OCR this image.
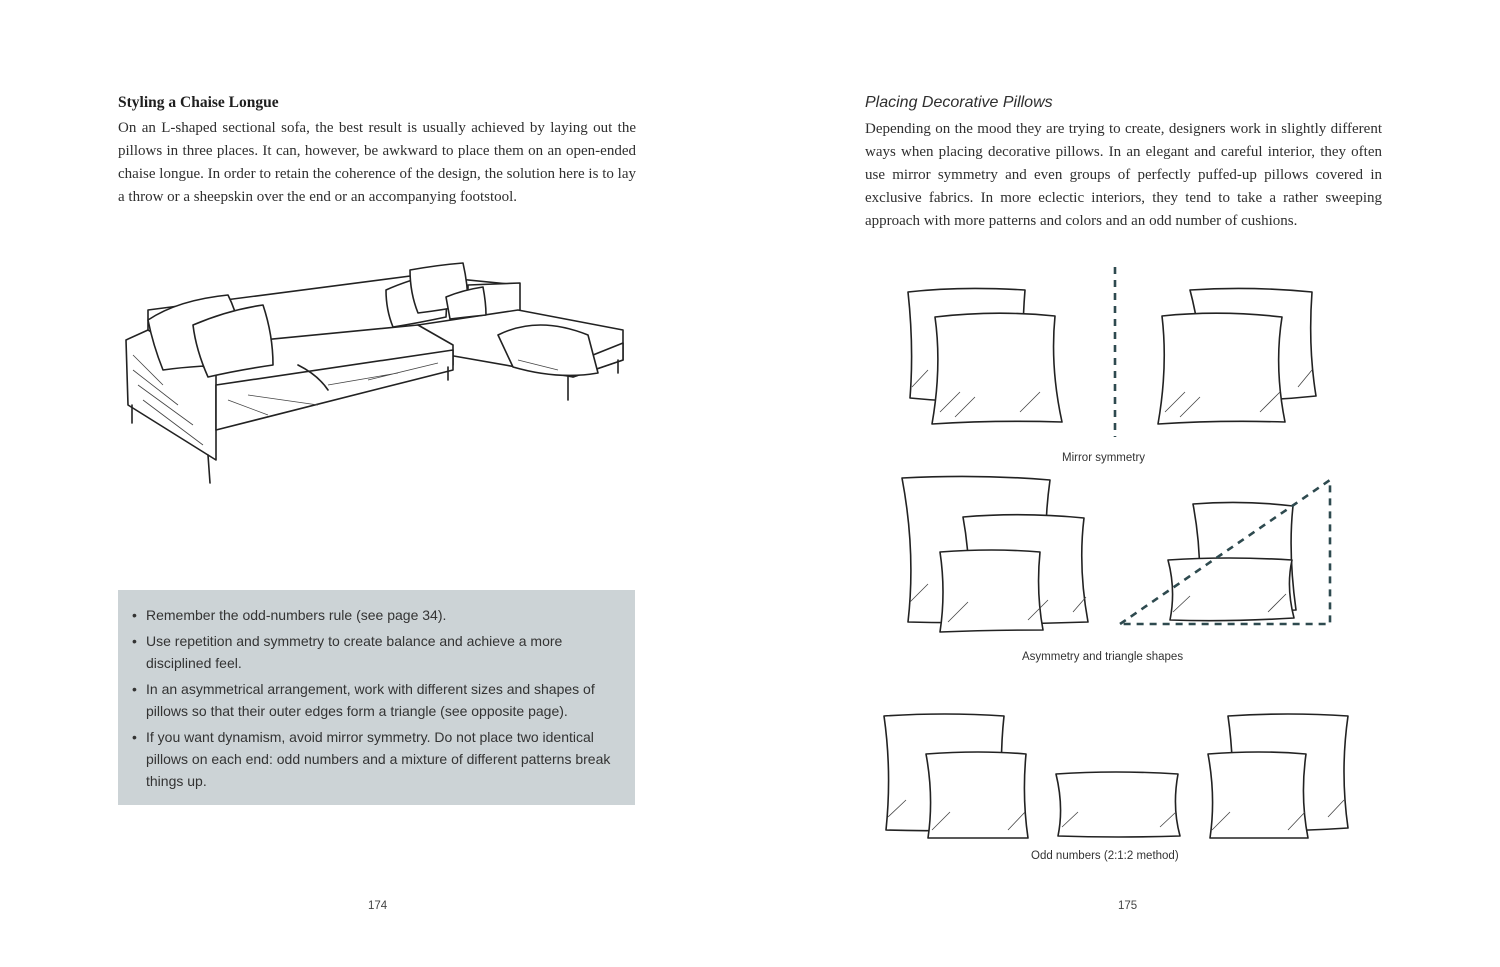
Styling a Chaise Longue
On an L-shaped sectional sofa, the best result is usually achieved by laying out the pillows in three places. It can, however, be awkward to place them on an open-ended chaise longue. In order to retain the coherence of the design, the solution here is to lay a throw or a sheepskin over the end or an accompanying footstool.
• Remember the odd-numbers rule (see page 34).
• Use repetition and symmetry to create balance and achieve a more disciplined feel.
• In an asymmetrical arrangement, work with different sizes and shapes of pillows so that their outer edges form a triangle (see opposite page).
• If you want dynamism, avoid mirror symmetry. Do not place two identical pillows on each end: odd numbers and a mixture of different patterns break things up.
174
Placing Decorative Pillows
Depending on the mood they are trying to create, designers work in slightly different ways when placing decorative pillows. In an elegant and careful interior, they often use mirror symmetry and even groups of perfectly puffed-up pillows covered in exclusive fabrics. In more eclectic interiors, they tend to take a rather sweeping approach with more patterns and colors and an odd number of cushions.
Mirror symmetry
Asymmetry and triangle shapes
Odd numbers (2:1:2 method)
175
